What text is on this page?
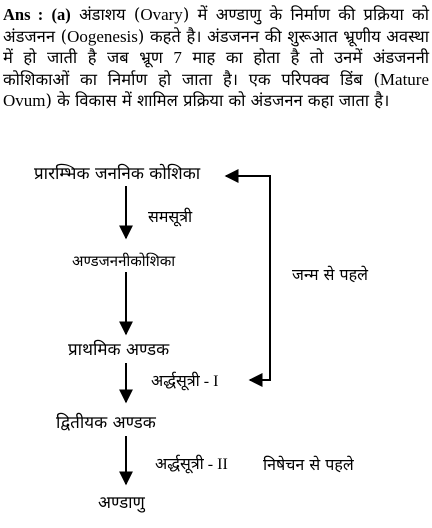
Ans : (a) अंडाशय (Ovary) में अण्डाणु के निर्माण की प्रक्रिया को अंडजनन (Oogenesis) कहते है। अंडजनन की शुरूआत भ्रूणीय अवस्था में हो जाती है जब भ्रूण 7 माह का होता है तो उनमें अंडजननी कोशिकाओं का निर्माण हो जाता है। एक परिपक्व डिंब (Mature Ovum) के विकास में शामिल प्रक्रिया को अंडजनन कहा जाता है।
प्रारम्भिक जननिक कोशिका
समसूत्री
अण्डजननीकोशिका
जन्म से पहले
प्राथमिक अण्डक
अर्द्धसूत्री - I
द्वितीयक अण्डक
अर्द्धसूत्री - II निषेचन से पहले
अण्डाणु
